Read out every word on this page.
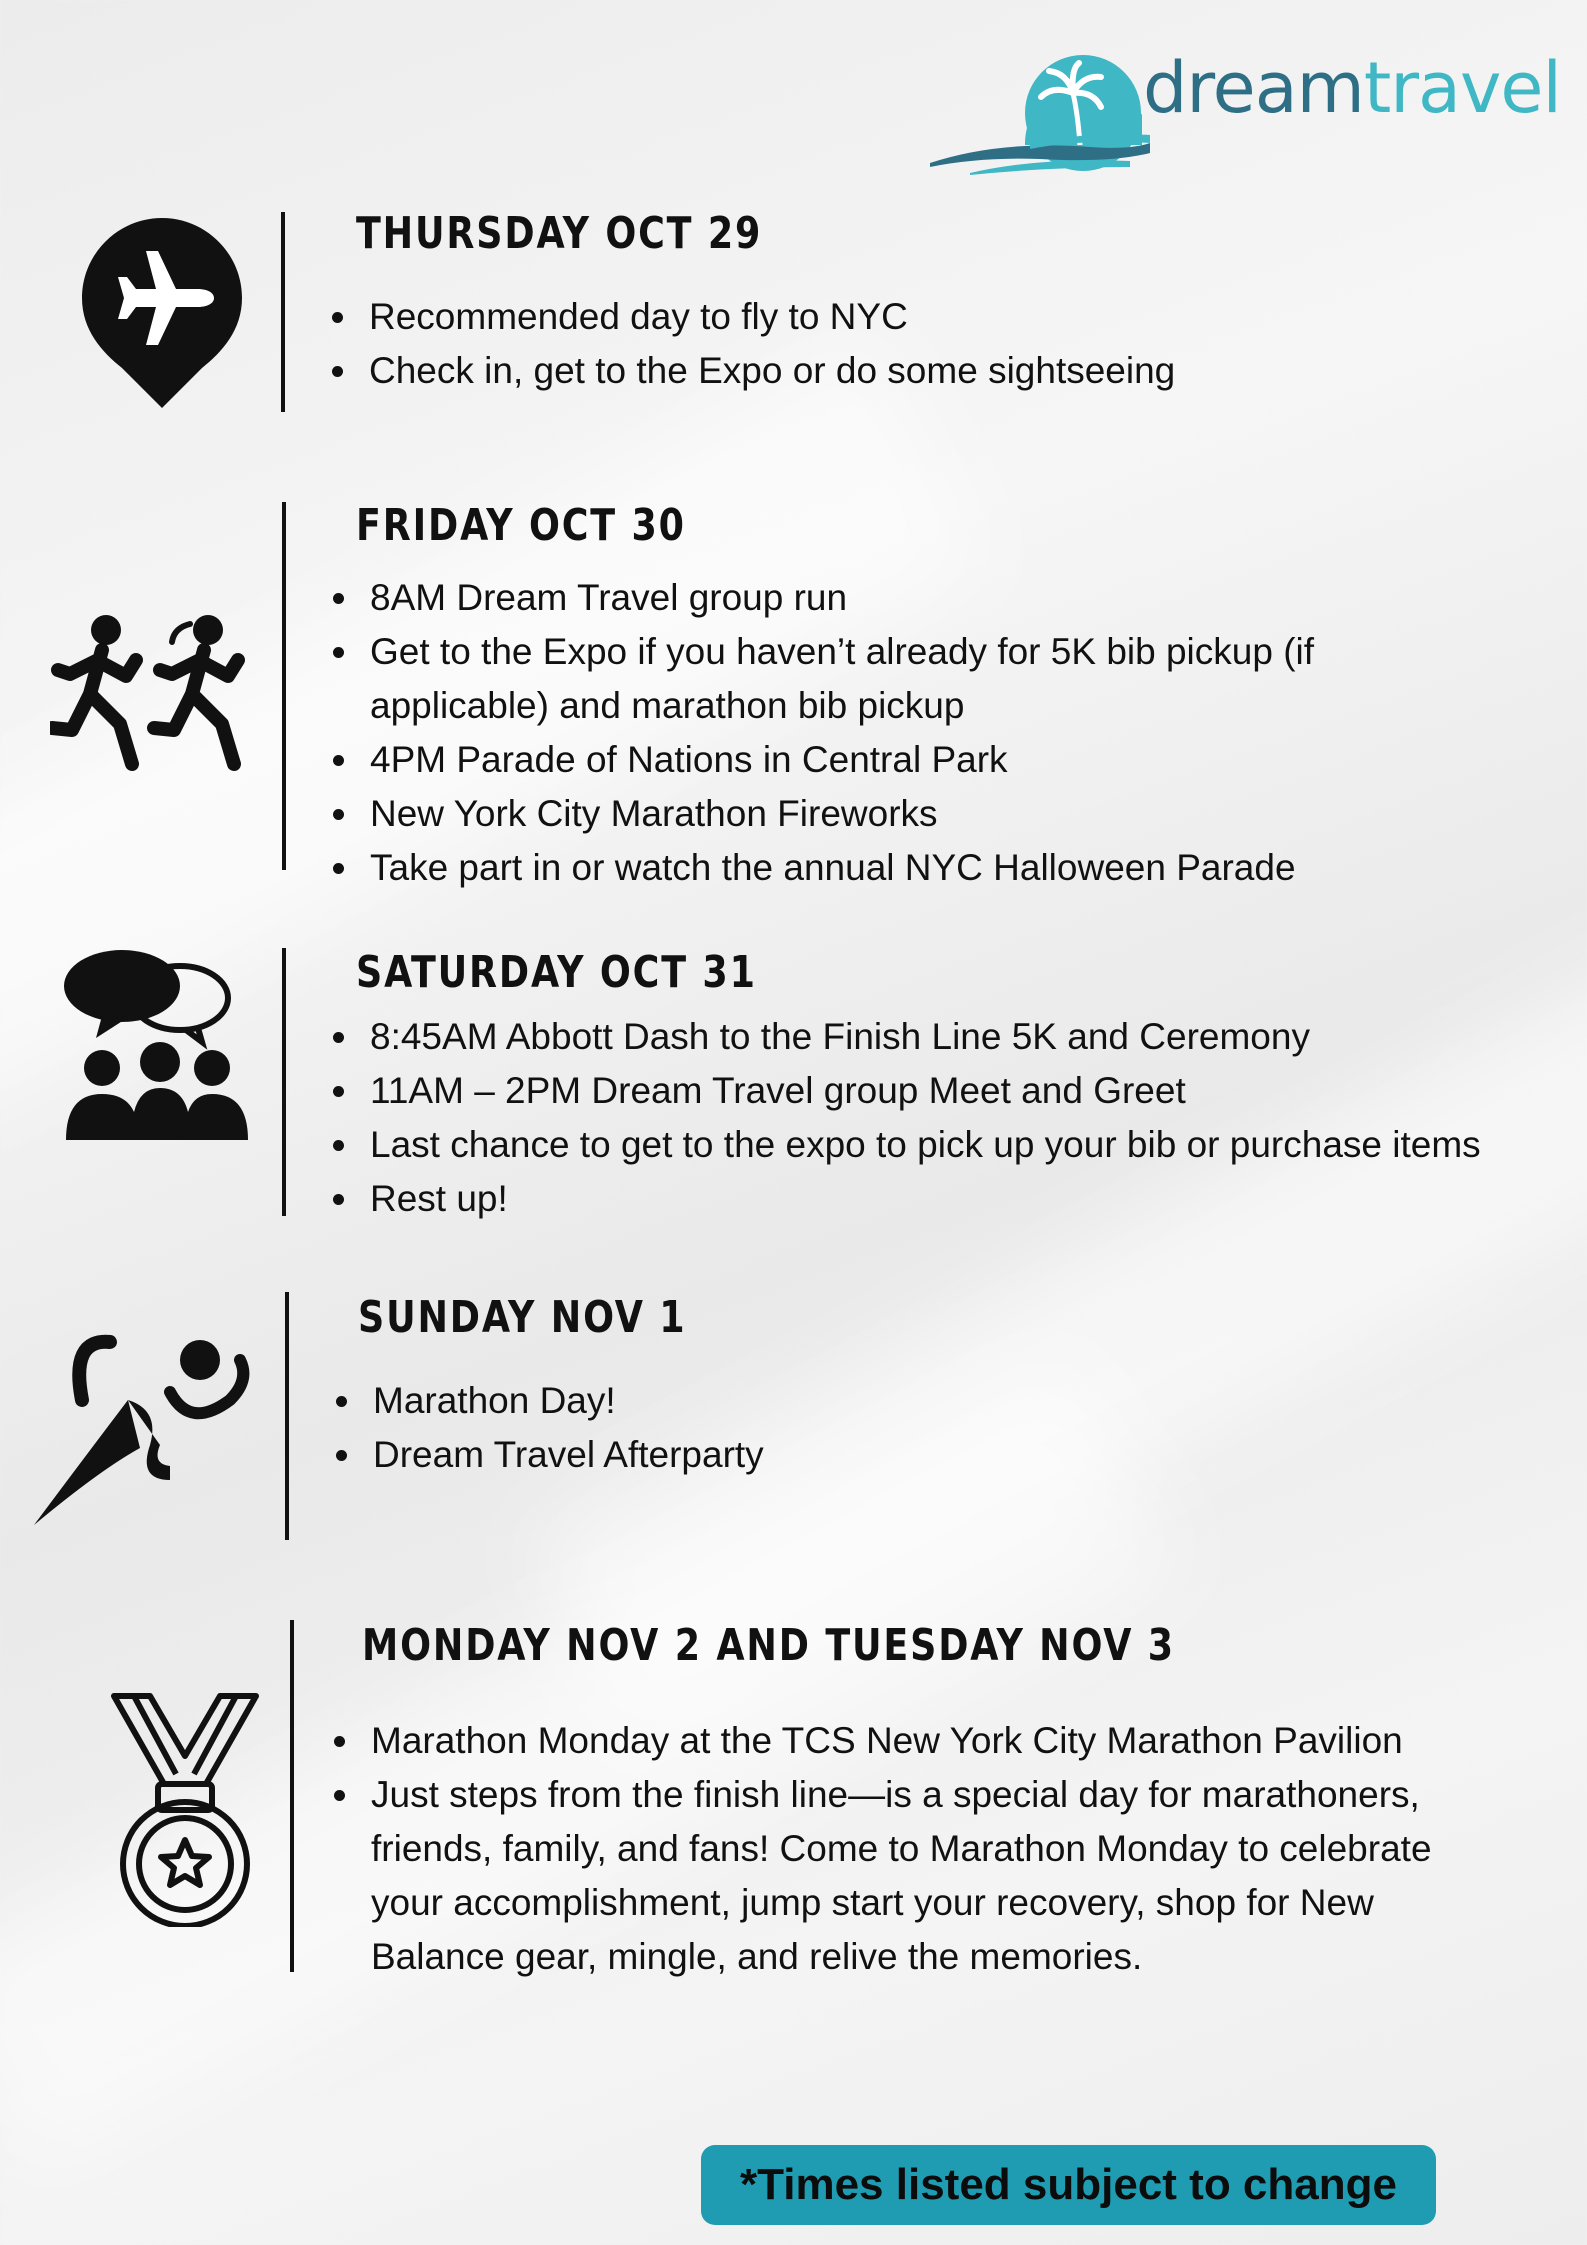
dreamtravel
THURSDAY OCT 29
Recommended day to fly to NYC
Check in, get to the Expo or do some sightseeing
FRIDAY OCT 30
8AM Dream Travel group run
Get to the Expo if you haven’t already for 5K bib pickup (if applicable) and marathon bib pickup
4PM Parade of Nations in Central Park
New York City Marathon Fireworks
Take part in or watch the annual NYC Halloween Parade
SATURDAY OCT 31
8:45AM Abbott Dash to the Finish Line 5K and Ceremony
11AM – 2PM Dream Travel group Meet and Greet
Last chance to get to the expo to pick up your bib or purchase items
Rest up!
SUNDAY NOV 1
Marathon Day!
Dream Travel Afterparty
MONDAY NOV 2 AND TUESDAY NOV 3
Marathon Monday at the TCS New York City Marathon Pavilion
Just steps from the finish line—is a special day for marathoners, friends, family, and fans! Come to Marathon Monday to celebrate your accomplishment, jump start your recovery, shop for New Balance gear, mingle, and relive the memories.
*Times listed subject to change
